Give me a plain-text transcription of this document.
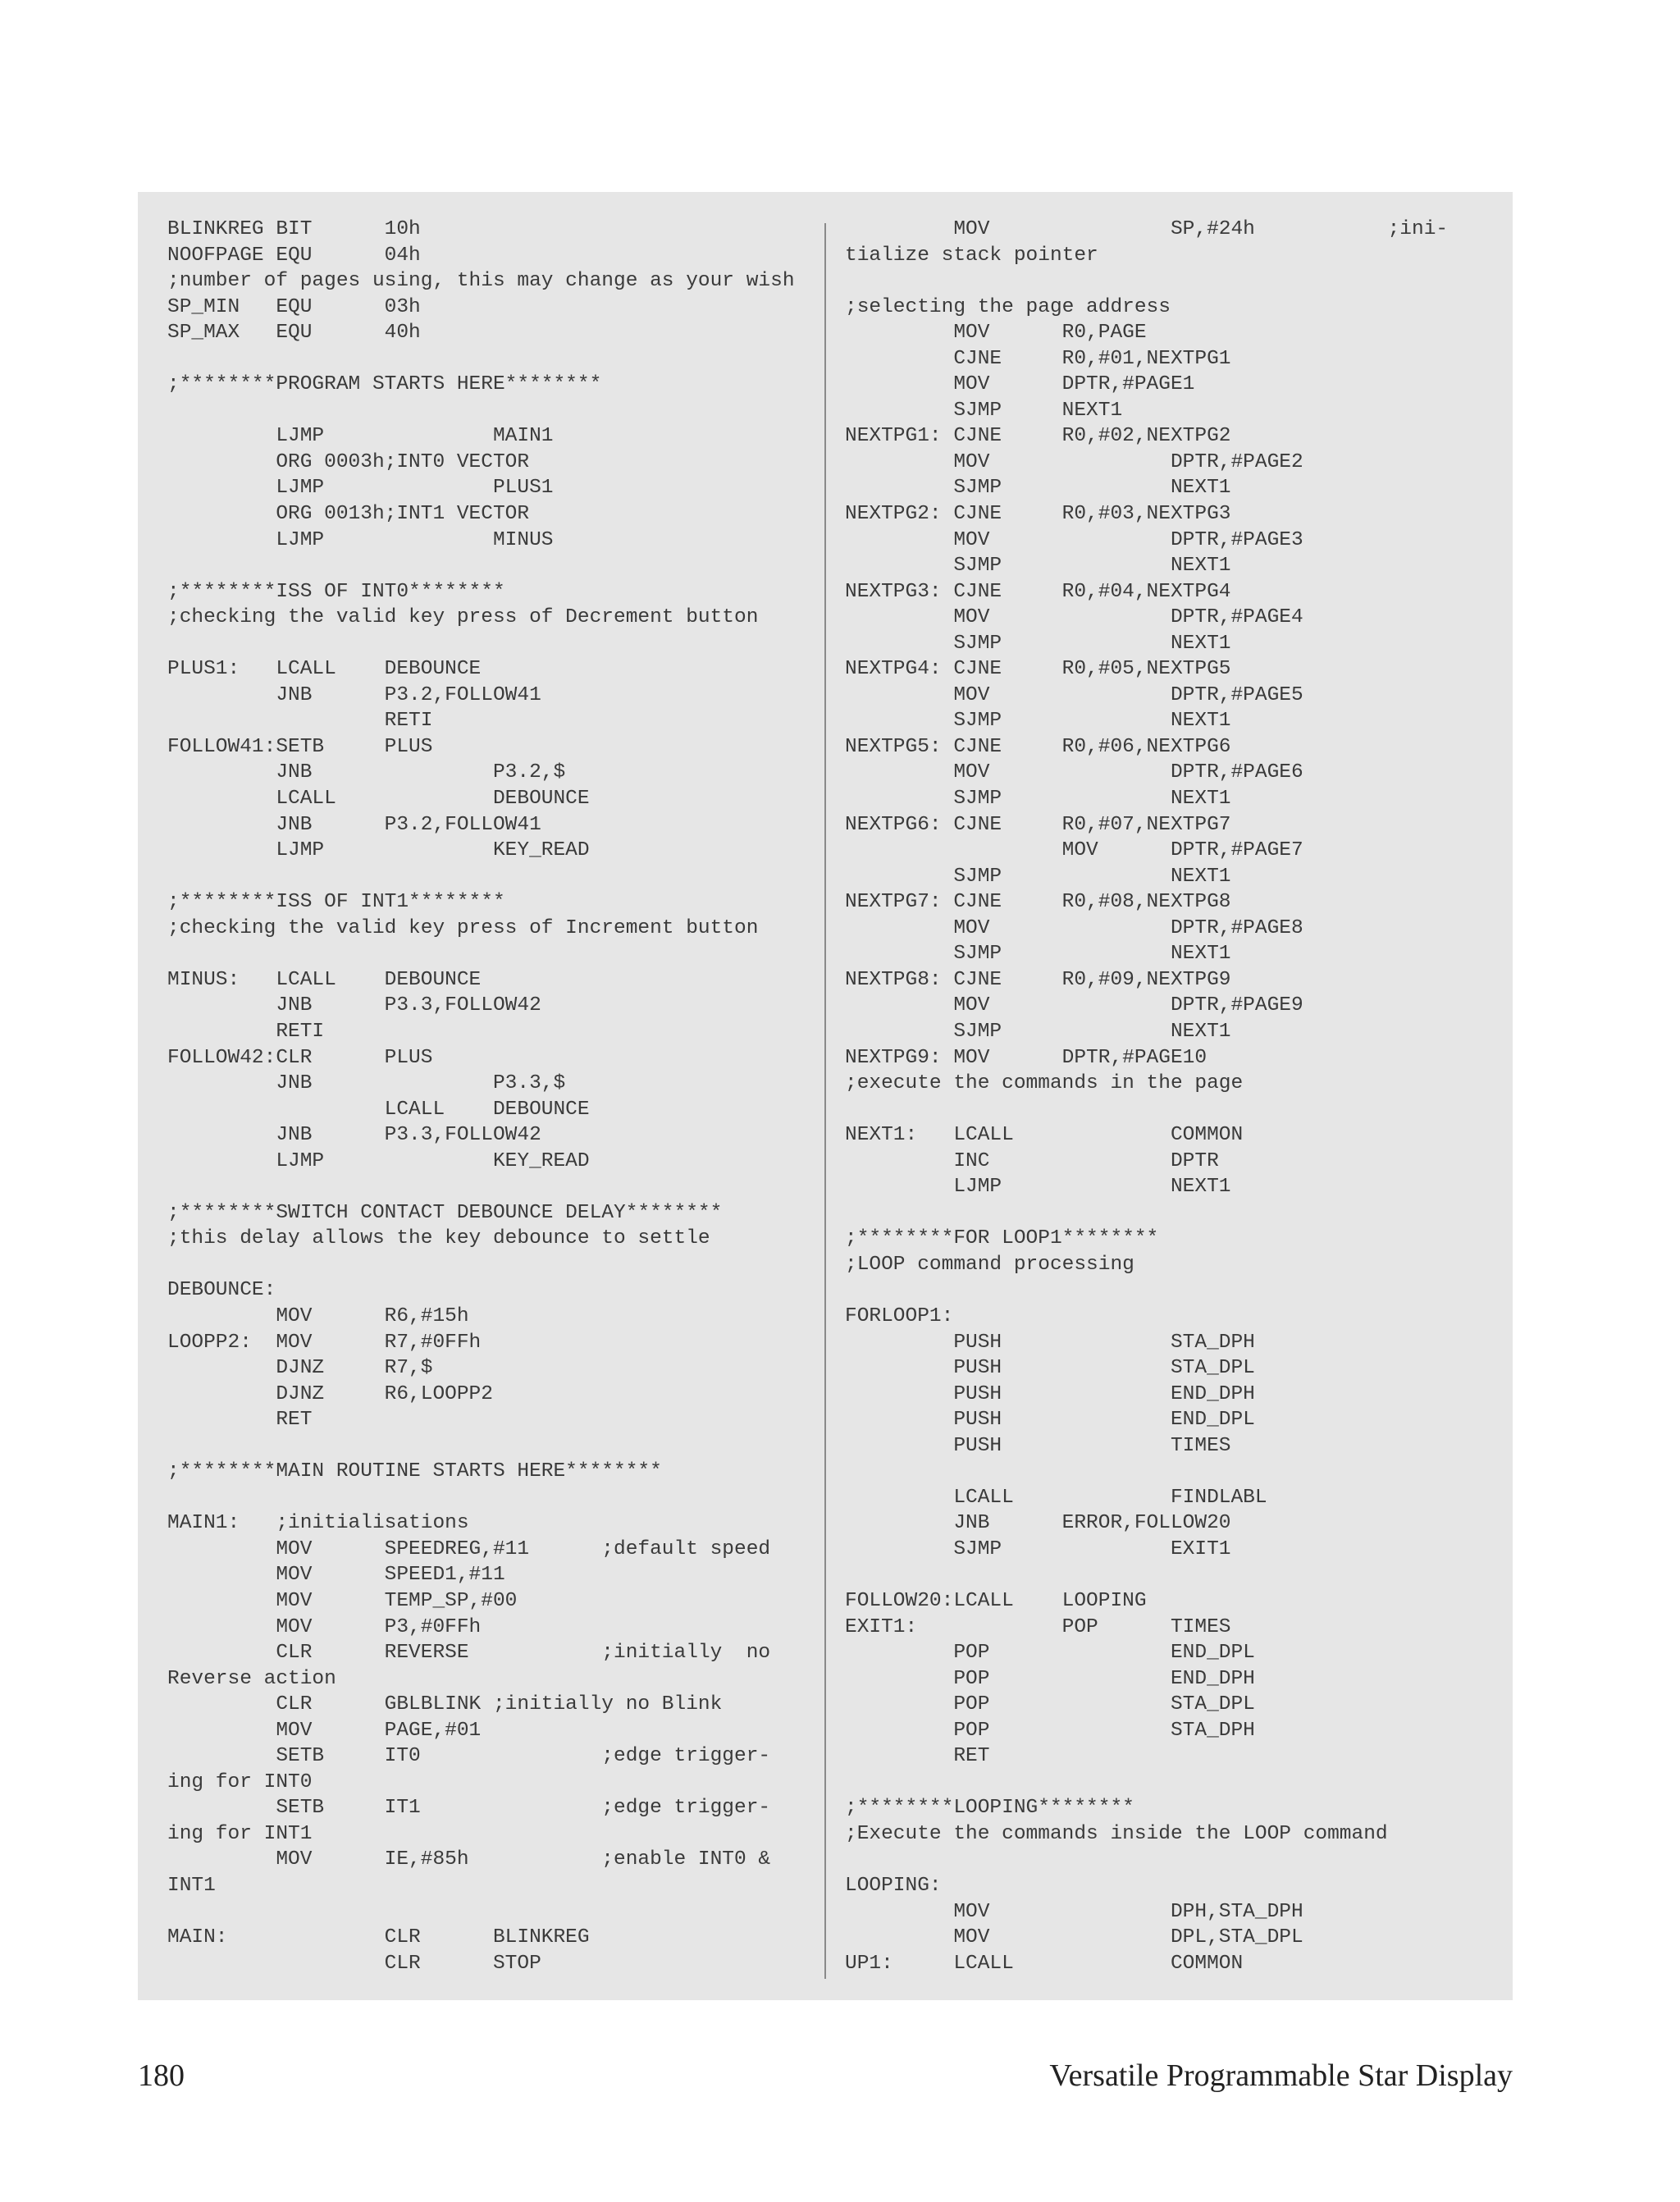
BLINKREG BIT      10h
NOOFPAGE EQU      04h
;number of pages using, this may change as your wish
SP_MIN   EQU      03h
SP_MAX   EQU      40h
;********PROGRAM STARTS HERE********
LJMP              MAIN1
ORG 0003h;INT0 VECTOR
LJMP              PLUS1
ORG 0013h;INT1 VECTOR
LJMP              MINUS
;********ISS OF INT0********
;checking the valid key press of Decrement button
PLUS1:   LCALL    DEBOUNCE
JNB      P3.2,FOLLOW41
RETI
FOLLOW41:SETB     PLUS
JNB               P3.2,$
LCALL             DEBOUNCE
JNB      P3.2,FOLLOW41
LJMP              KEY_READ
;********ISS OF INT1********
;checking the valid key press of Increment button
MINUS:   LCALL    DEBOUNCE
JNB      P3.3,FOLLOW42
RETI
FOLLOW42:CLR      PLUS
JNB               P3.3,$
LCALL    DEBOUNCE
JNB      P3.3,FOLLOW42
LJMP              KEY_READ
;********SWITCH CONTACT DEBOUNCE DELAY********
;this delay allows the key debounce to settle
DEBOUNCE:
MOV      R6,#15h
LOOPP2:  MOV      R7,#0FFh
DJNZ     R7,$
DJNZ     R6,LOOPP2
RET
;********MAIN ROUTINE STARTS HERE********
MAIN1:   ;initialisations
MOV      SPEEDREG,#11      ;default speed
MOV      SPEED1,#11
MOV      TEMP_SP,#00
MOV      P3,#0FFh
CLR      REVERSE           ;initially  no
Reverse action
CLR      GBLBLINK ;initially no Blink
MOV      PAGE,#01
SETB     IT0               ;edge trigger-
ing for INT0
SETB     IT1               ;edge trigger-
ing for INT1
MOV      IE,#85h           ;enable INT0 &
INT1
MAIN:             CLR      BLINKREG
CLR      STOP
MOV               SP,#24h           ;ini-
tialize stack pointer
;selecting the page address
MOV      R0,PAGE
CJNE     R0,#01,NEXTPG1
MOV      DPTR,#PAGE1
SJMP     NEXT1
NEXTPG1: CJNE     R0,#02,NEXTPG2
MOV               DPTR,#PAGE2
SJMP              NEXT1
NEXTPG2: CJNE     R0,#03,NEXTPG3
MOV               DPTR,#PAGE3
SJMP              NEXT1
NEXTPG3: CJNE     R0,#04,NEXTPG4
MOV               DPTR,#PAGE4
SJMP              NEXT1
NEXTPG4: CJNE     R0,#05,NEXTPG5
MOV               DPTR,#PAGE5
SJMP              NEXT1
NEXTPG5: CJNE     R0,#06,NEXTPG6
MOV               DPTR,#PAGE6
SJMP              NEXT1
NEXTPG6: CJNE     R0,#07,NEXTPG7
MOV      DPTR,#PAGE7
SJMP              NEXT1
NEXTPG7: CJNE     R0,#08,NEXTPG8
MOV               DPTR,#PAGE8
SJMP              NEXT1
NEXTPG8: CJNE     R0,#09,NEXTPG9
MOV               DPTR,#PAGE9
SJMP              NEXT1
NEXTPG9: MOV      DPTR,#PAGE10
;execute the commands in the page
NEXT1:   LCALL             COMMON
INC               DPTR
LJMP              NEXT1
;********FOR LOOP1********
;LOOP command processing
FORLOOP1:
PUSH              STA_DPH
PUSH              STA_DPL
PUSH              END_DPH
PUSH              END_DPL
PUSH              TIMES
LCALL             FINDLABL
JNB      ERROR,FOLLOW20
SJMP              EXIT1
FOLLOW20:LCALL    LOOPING
EXIT1:            POP      TIMES
POP               END_DPL
POP               END_DPH
POP               STA_DPL
POP               STA_DPH
RET
;********LOOPING********
;Execute the commands inside the LOOP command
LOOPING:
MOV               DPH,STA_DPH
MOV               DPL,STA_DPL
UP1:     LCALL             COMMON
180	Versatile Programmable Star Display
